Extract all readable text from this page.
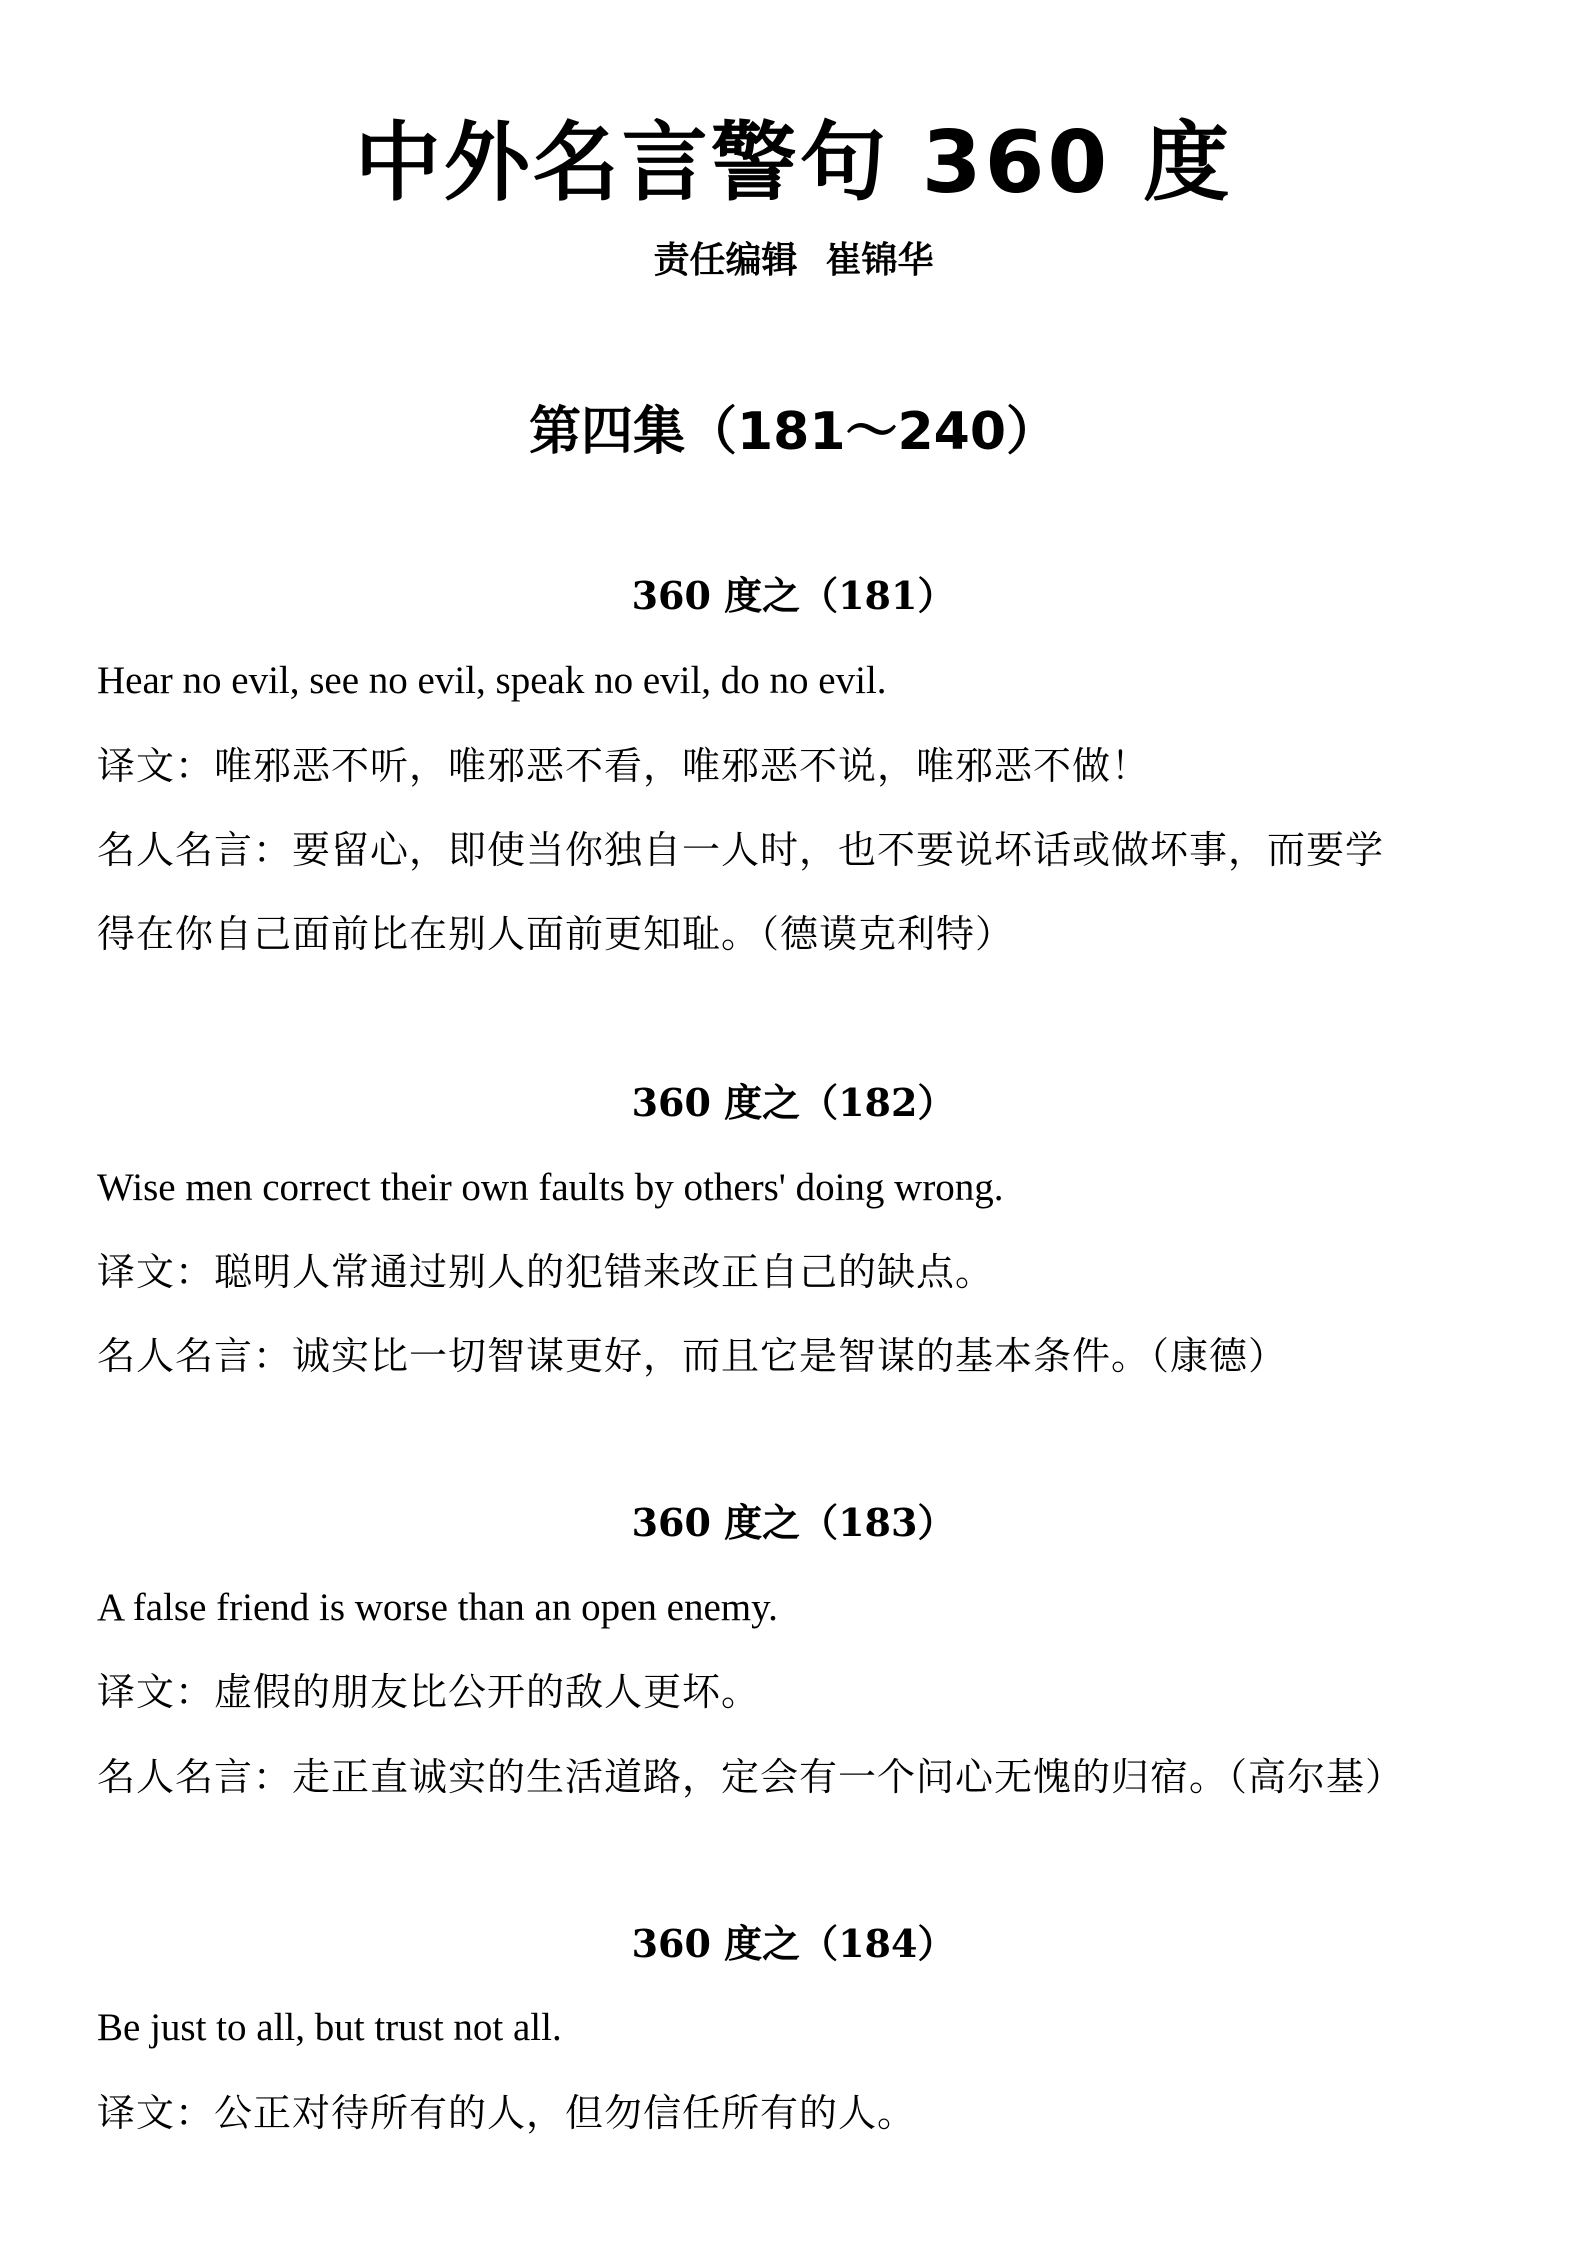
中外名言警句 360 度
责任编辑 崔锦华
第四集（181～240）
360 度之（181）
Hear no evil, see no evil, speak no evil, do no evil.
译文：唯邪恶不听，唯邪恶不看，唯邪恶不说，唯邪恶不做！
名人名言：要留心，即使当你独自一人时，也不要说坏话或做坏事，而要学
得在你自己面前比在别人面前更知耻。（德谟克利特）
360 度之（182）
Wise men correct their own faults by others' doing wrong.
译文：聪明人常通过别人的犯错来改正自己的缺点。
名人名言：诚实比一切智谋更好，而且它是智谋的基本条件。（康德）
360 度之（183）
A false friend is worse than an open enemy.
译文：虚假的朋友比公开的敌人更坏。
名人名言：走正直诚实的生活道路，定会有一个问心无愧的归宿。（高尔基）
360 度之（184）
Be just to all, but trust not all.
译文：公正对待所有的人，但勿信任所有的人。
